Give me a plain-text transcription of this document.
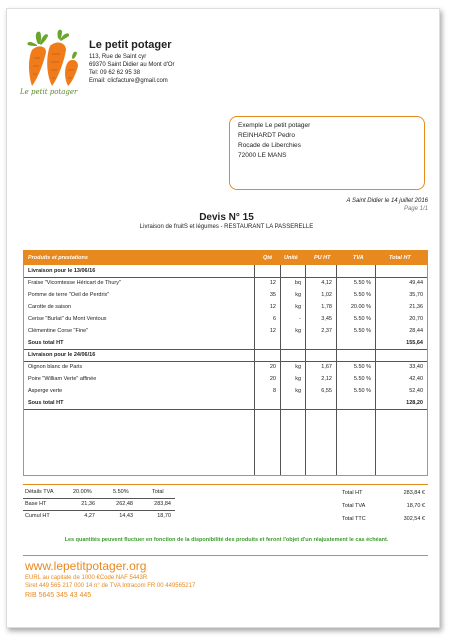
Le petit potager
Le petit potager
113, Rue de Saint cyr
69370 Saint Didier au Mont d'Or
Tel: 09 62 62 95 38
Email: clicfacture@gmail.com
Exemple Le petit potager
REINHARDT Pedro
Rocade de Liberchies
72000 LE MANS
A Saint Didier le 14 juillet 2016
Page 1/1
Devis N° 15
Livraison de fruitS et légumes - RESTAURANT LA PASSERELLE
Produits et prestations	Qté Unité	PU HT	TVA	Total HT
Livraison pour le 13/06/16
Fraise "Vicomtesse Héricart de Thury"	12	bq	4,12	5.50 %	49,44
Pomme de terre "Oeil de Perdrix"	35	kg	1,02	5.50 %	35,70
Carotte de saison	12	kg	1,78	20.00 %	21,36
Cerise "Burlat" du Mont Ventoux	6	-	3,45	5.50 %	20,70
Clémentine Corse "Fine"	12	kg	2,37	5.50 %	28,44
Sous total HT	155,64
Livraison pour le 24/06/16
Oignon blanc de Paris	20	kg	1,67	5.50 %	33,40
Poire "William Verte" affinée	20	kg	2,12	5.50 %	42,40
Asperge verte	8	kg	6,55	5.50 %	52,40
Sous total HT	128,20
Détails TVA	20.00%	5.50%	Total
Base HT	21,36	262,48	283,84
Cumul HT	4,27	14,43	18,70
Total HT	283,84 €
Total TVA	18,70 €
Total TTC	302,54 €
Les quantités peuvent fluctuer en fonction de la disponibilité des produits et feront l'objet d'un réajustement le cas échéant.
www.lepetitpotager.org
EURL au capitale de 1000 €Code NAF 5443R
Siret 449 565 217 000 14 n° de TVA Intracom FR 00 449565217
RIB 5645 345 43 445
